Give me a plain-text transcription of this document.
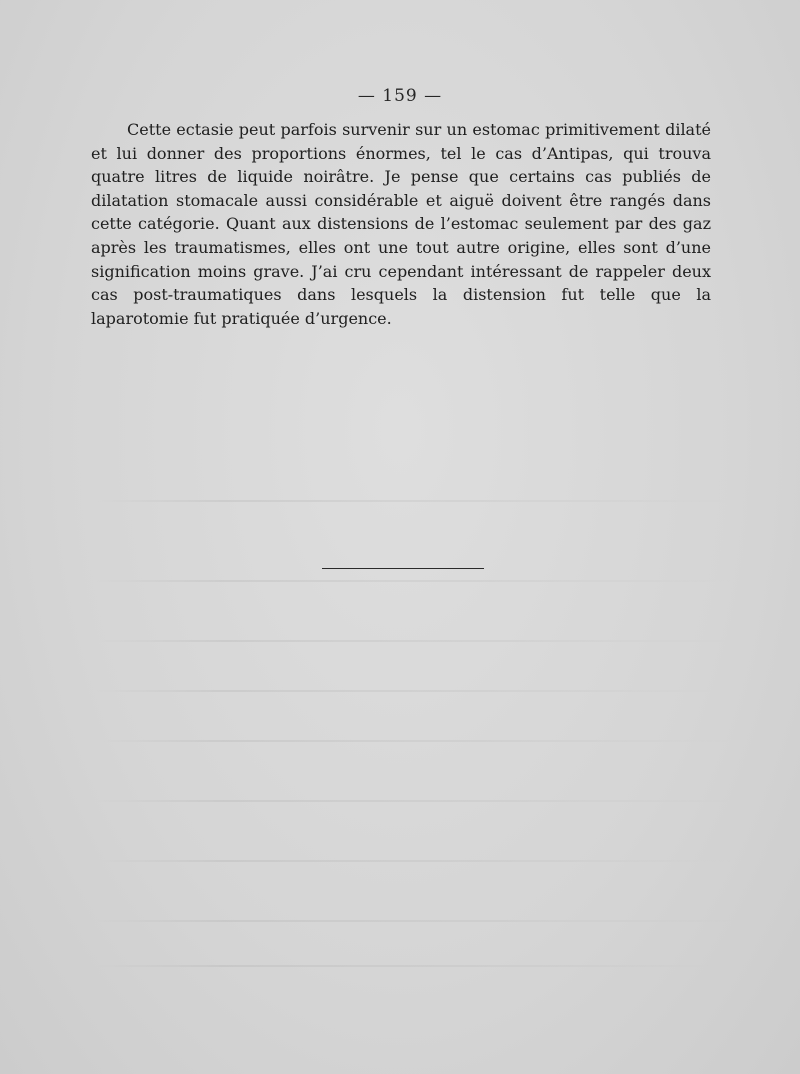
— 159 —

Cette ectasie peut parfois survenir sur un estomac primitivement dilaté et lui donner des proportions énormes, tel le cas d’Antipas, qui trouva quatre litres de liquide noirâtre. Je pense que certains cas publiés de dilatation stomacale aussi considérable et aiguë doivent être rangés dans cette catégorie. Quant aux distensions de l’estomac seulement par des gaz après les traumatismes, elles ont une tout autre origine, elles sont d’une signification moins grave. J’ai cru cependant intéressant de rappeler deux cas post-traumatiques dans lesquels la distension fut telle que la laparotomie fut pratiquée d’urgence.
